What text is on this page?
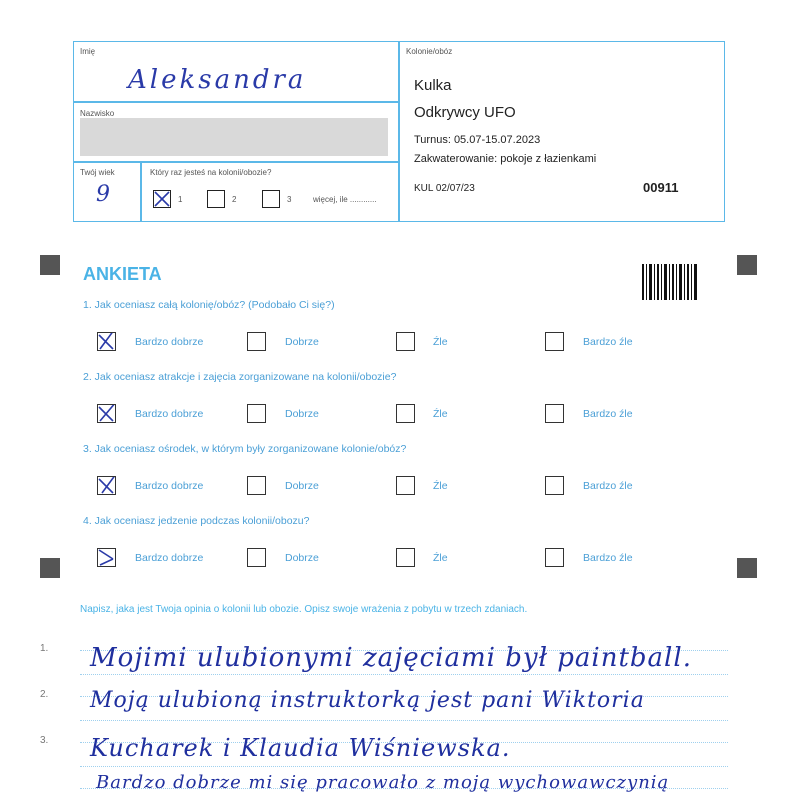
Imię
Aleksandra
Nazwisko
Twój wiek
9
Który raz jesteś na kolonii/obozie?
1	2	3	więcej, ile ............
Kolonie/obóz
Kulka
Odkrywcy UFO
Turnus: 05.07-15.07.2023
Zakwaterowanie: pokoje z łazienkami
KUL 02/07/23	00911
ANKIETA
1. Jak oceniasz całą kolonię/obóz? (Podobało Ci się?)
2. Jak oceniasz atrakcje i zajęcia zorganizowane na kolonii/obozie?
3. Jak oceniasz ośrodek, w którym były zorganizowane kolonie/obóz?
4. Jak oceniasz jedzenie podczas kolonii/obozu?
Bardzo dobrze	Dobrze	Źle	Bardzo źle
Bardzo dobrze	Dobrze	Źle	Bardzo źle
Bardzo dobrze	Dobrze	Źle	Bardzo źle
Bardzo dobrze	Dobrze	Źle	Bardzo źle
Napisz, jaka jest Twoja opinia o kolonii lub obozie. Opisz swoje wrażenia z pobytu w trzech zdaniach.
1.
2.
3.
Mojimi ulubionymi zajęciami był paintball.
Moją ulubioną instruktorką jest pani Wiktoria
Kucharek i Klaudia Wiśniewska.
Bardzo dobrze mi się pracowało z moją wychowawczynią
